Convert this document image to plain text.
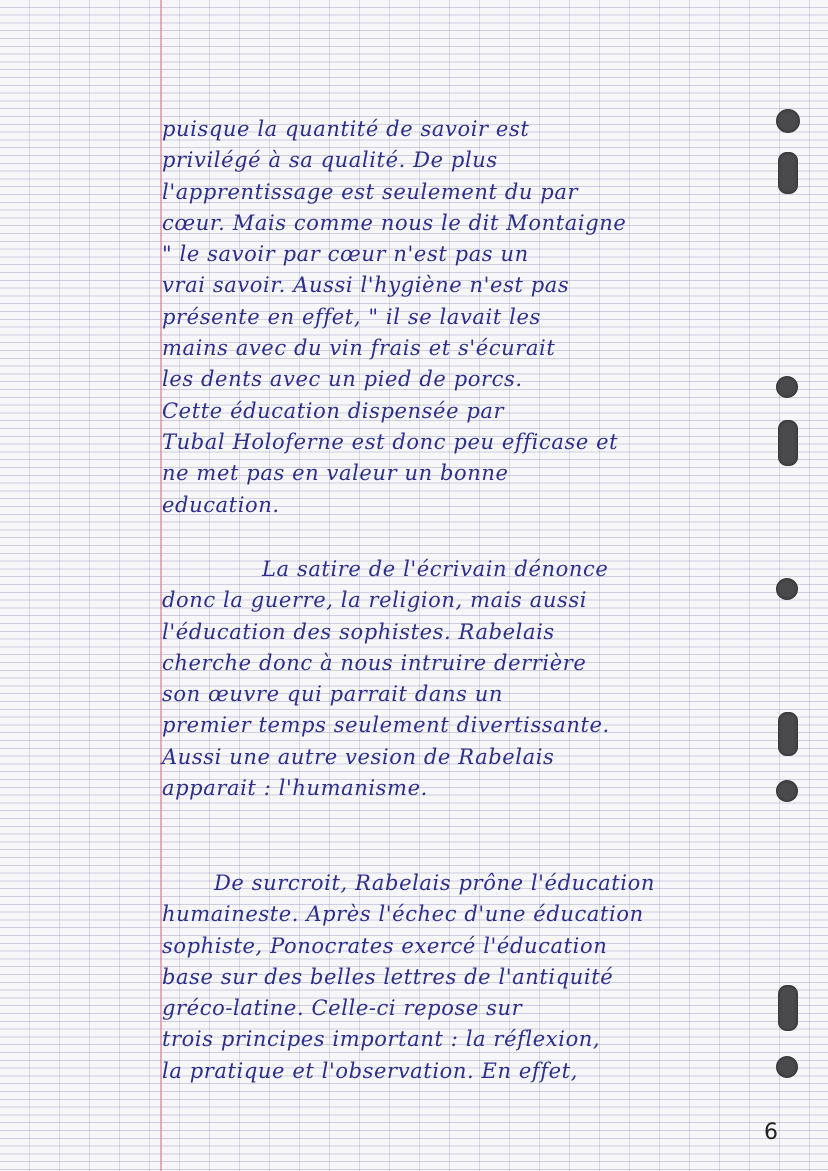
puisque la quantité de savoir est
privilégé à sa qualité. De plus
l'apprentissage est seulement du par
cœur. Mais comme nous le dit Montaigne
" le savoir par cœur n'est pas un
vrai savoir. Aussi l'hygiène n'est pas
présente en effet, " il se lavait les
mains avec du vin frais et s'écurait
les dents avec un pied de porcs.
Cette éducation dispensée par
Tubal Holoferne est donc peu efficase et
ne met pas en valeur un bonne
education.
La satire de l'écrivain dénonce
donc la guerre, la religion, mais aussi
l'éducation des sophistes. Rabelais
cherche donc à nous intruire derrière
son œuvre qui parrait dans un
premier temps seulement divertissante.
Aussi une autre vesion de Rabelais
apparait : l'humanisme.
De surcroit, Rabelais prône l'éducation
humaineste. Après l'échec d'une éducation
sophiste, Ponocrates exercé l'éducation
base sur des belles lettres de l'antiquité
gréco-latine. Celle-ci repose sur
trois principes important : la réflexion,
la pratique et l'observation. En effet,
6
